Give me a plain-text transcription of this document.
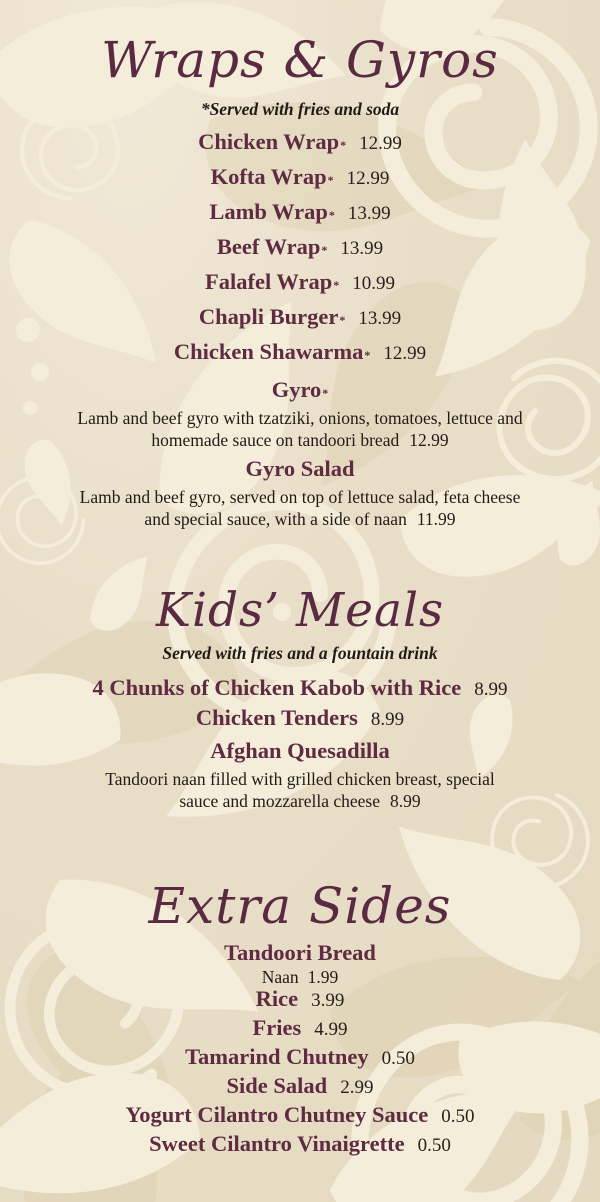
Wraps & Gyros

*Served with fries and soda

Chicken Wrap * 12.99
Kofta Wrap * 12.99
Lamb Wrap * 13.99
Beef Wrap * 13.99
Falafel Wrap * 10.99
Chapli Burger * 13.99
Chicken Shawarma * 12.99
Gyro *
Lamb and beef gyro with tzatziki, onions, tomatoes, lettuce and homemade sauce on tandoori bread 12.99
Gyro Salad
Lamb and beef gyro, served on top of lettuce salad, feta cheese and special sauce, with a side of naan 11.99
Kids’ Meals

Served with fries and a fountain drink

4 Chunks of Chicken Kabob with Rice 8.99
Chicken Tenders 8.99
Afghan Quesadilla
Tandoori naan filled with grilled chicken breast, special sauce and mozzarella cheese 8.99
Extra Sides
Tandoori Bread
Naan 1.99
Rice 3.99
Fries 4.99
Tamarind Chutney 0.50
Side Salad 2.99
Yogurt Cilantro Chutney Sauce 0.50
Sweet Cilantro Vinaigrette 0.50
